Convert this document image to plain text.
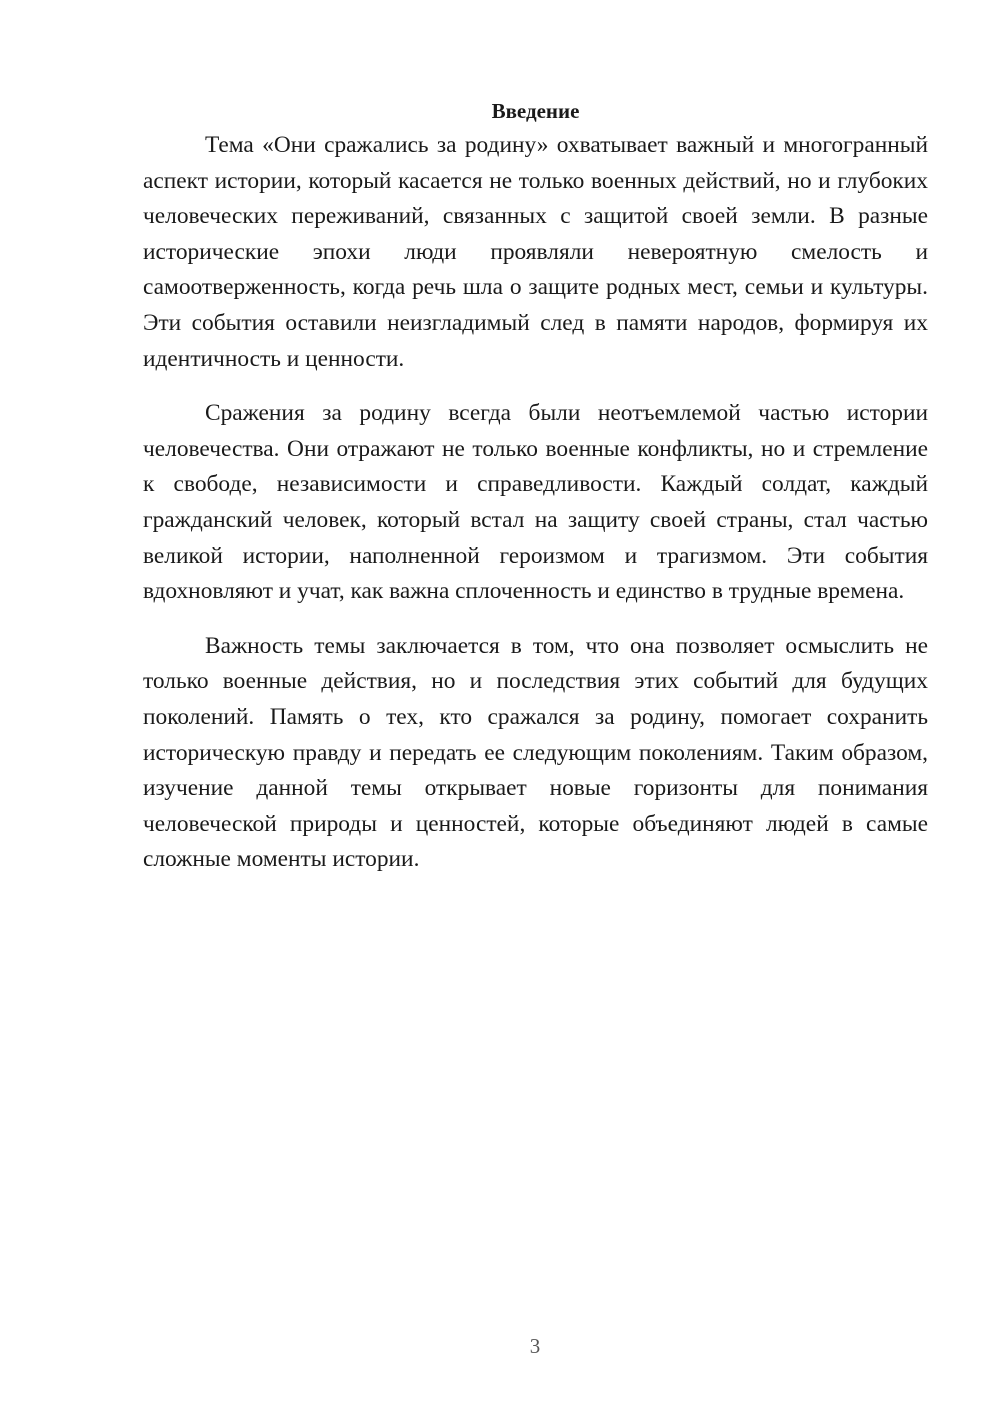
Введение

Тема «Они сражались за родину» охватывает важный и многогранный аспект истории, который касается не только военных действий, но и глубоких человеческих переживаний, связанных с защитой своей земли. В разные исторические эпохи люди проявляли невероятную смелость и самоотверженность, когда речь шла о защите родных мест, семьи и культуры. Эти события оставили неизгладимый след в памяти народов, формируя их идентичность и ценности.

Сражения за родину всегда были неотъемлемой частью истории человечества. Они отражают не только военные конфликты, но и стремление к свободе, независимости и справедливости. Каждый солдат, каждый гражданский человек, который встал на защиту своей страны, стал частью великой истории, наполненной героизмом и трагизмом. Эти события вдохновляют и учат, как важна сплоченность и единство в трудные времена.

Важность темы заключается в том, что она позволяет осмыслить не только военные действия, но и последствия этих событий для будущих поколений. Память о тех, кто сражался за родину, помогает сохранить историческую правду и передать ее следующим поколениям. Таким образом, изучение данной темы открывает новые горизонты для понимания человеческой природы и ценностей, которые объединяют людей в самые сложные моменты истории.

3
